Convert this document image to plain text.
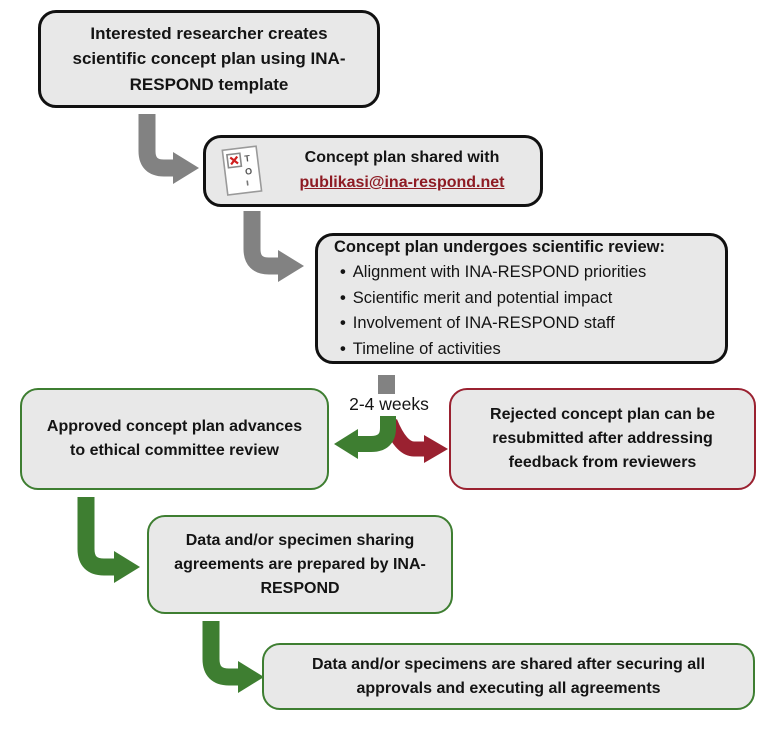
Interested researcher creates scientific concept plan using INA-RESPOND template
T
O
Concept plan shared with
publikasi@ina-respond.net
Concept plan undergoes scientific review:
• Alignment with INA-RESPOND priorities
• Scientific merit and potential impact
• Involvement of INA-RESPOND staff
• Timeline of activities
2-4 weeks
Approved concept plan advances to ethical committee review
Rejected concept plan can be resubmitted after addressing feedback from reviewers
Data and/or specimen sharing agreements are prepared by INA-RESPOND
Data and/or specimens are shared after securing all approvals and executing all agreements
